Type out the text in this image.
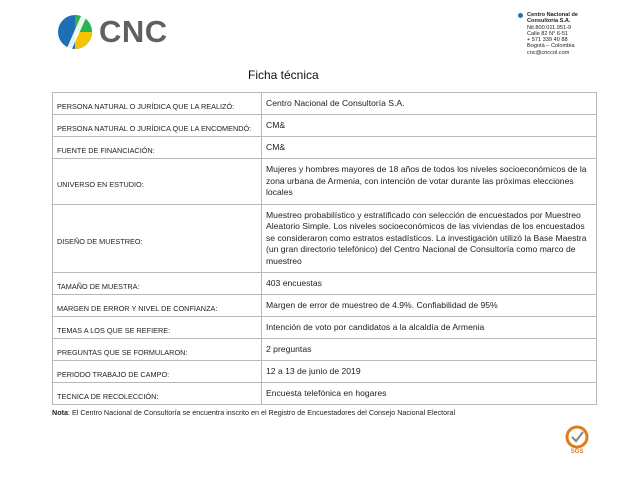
CNC	Centro Nacional de
Consultoría S.A.
Nit.800.011.951-9
Calle 82 N° 6-51
+ 571 339 40 88
Bogotá – Colombia
cnc@cnccol.com
Ficha técnica
PERSONA NATURAL O JURÍDICA QUE LA REALIZÓ:	Centro Nacional de Consultoría S.A.
PERSONA NATURAL O JURÍDICA QUE LA ENCOMENDÓ:	CM&
FUENTE DE FINANCIACIÓN:	CM&
UNIVERSO EN ESTUDIO:	Mujeres y hombres mayores de 18 años de todos los niveles socioeconómicos de la zona urbana de Armenia, con intención de votar durante las próximas elecciones locales
DISEÑO DE MUESTREO:	Muestreo probabilístico y estratificado con selección de encuestados por Muestreo Aleatorio Simple. Los niveles socioeconómicos de las viviendas de los encuestados se consideraron como estratos estadísticos. La investigación utilizó la Base Maestra (un gran directorio telefónico) del Centro Nacional de Consultoría como marco de muestreo
TAMAÑO DE MUESTRA:	403 encuestas
MARGEN DE ERROR Y NIVEL DE CONFIANZA:	Margen de error de muestreo de 4.9%. Confiabilidad de 95%
TEMAS A LOS QUE SE REFIERE:	Intención de voto por candidatos a la alcaldía de Armenia
PREGUNTAS QUE SE FORMULARON:	2 preguntas
PERIODO TRABAJO DE CAMPO:	12 a 13 de junio de 2019
TECNICA DE RECOLECCIÓN:	Encuesta telefónica en hogares
Nota: El Centro Nacional de Consultoría se encuentra inscrito en el Registro de Encuestadores del Consejo Nacional Electoral
SGS
